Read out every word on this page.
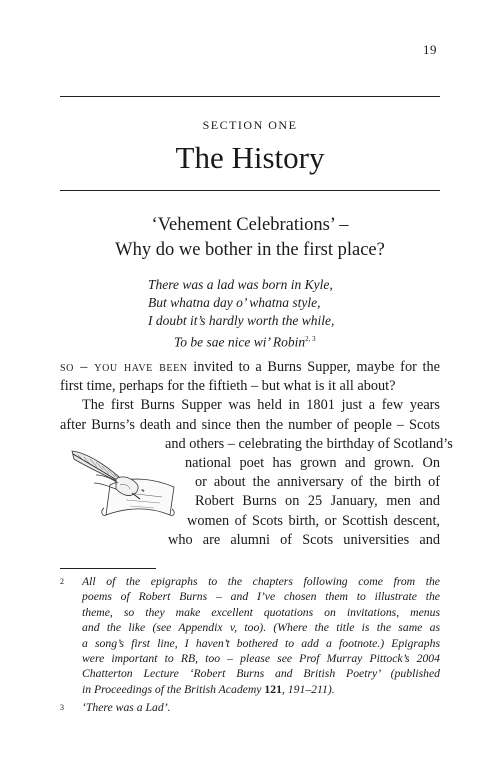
19
SECTION ONE
The History
‘Vehement Celebrations’ –
Why do we bother in the first place?
There was a lad was born in Kyle,
But whatna day o’ whatna style,
I doubt it’s hardly worth the while,
To be sae nice wi’ Robin$^{2, 3}$
so – you have been invited to a Burns Supper, maybe for the
first time, perhaps for the fiftieth – but what is it all about?
The first Burns Supper was held in 1801 just a few years
after Burns’s death and since then the number of people – Scots
and others – celebrating the birthday of Scotland’s
national poet has grown and grown. On
or about the anniversary of the birth of
Robert Burns on 25 January, men and
women of Scots birth, or Scottish descent,
who are alumni of Scots universities and
❧
2 All of the epigraphs to the chapters following come from the
poems of Robert Burns – and I’ve chosen them to illustrate the
theme, so they make excellent quotations on invitations, menus
and the like (see Appendix v, too). (Where the title is the same as
a song’s first line, I haven’t bothered to add a footnote.) Epigraphs
were important to RB, too – please see Prof Murray Pittock’s 2004
Chatterton Lecture ‘Robert Burns and British Poetry’ (published
in Proceedings of the British Academy 121, 191–211).
3 ‘There was a Lad’.
